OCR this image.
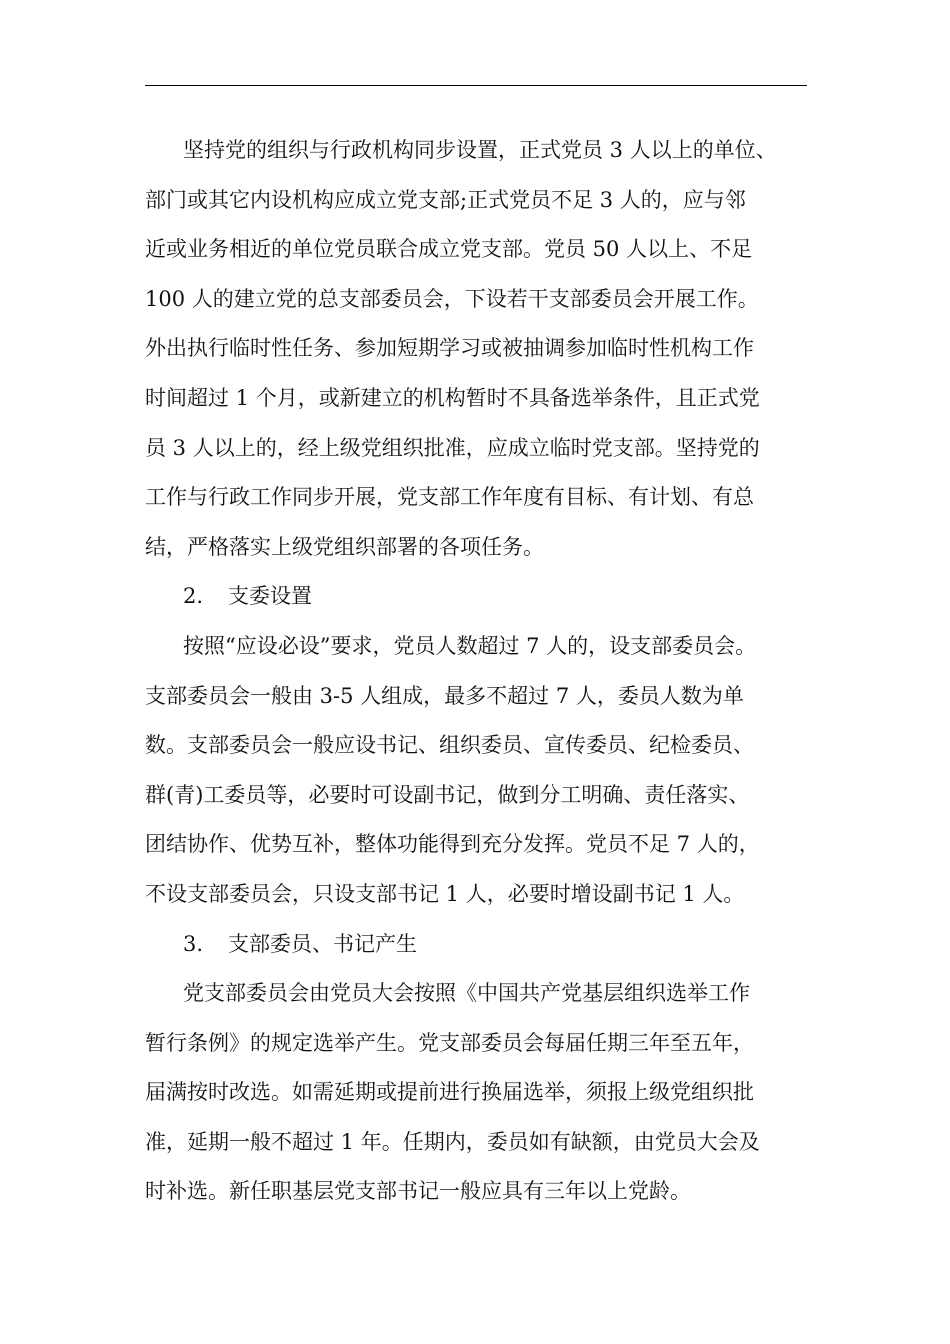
坚持党的组织与行政机构同步设置，正式党员 3 人以上的单位、
部门或其它内设机构应成立党支部;正式党员不足 3 人的，应与邻
近或业务相近的单位党员联合成立党支部。党员 50 人以上、不足
100 人的建立党的总支部委员会，下设若干支部委员会开展工作。
外出执行临时性任务、参加短期学习或被抽调参加临时性机构工作
时间超过 1 个月，或新建立的机构暂时不具备选举条件，且正式党
员 3 人以上的，经上级党组织批准，应成立临时党支部。坚持党的
工作与行政工作同步开展，党支部工作年度有目标、有计划、有总
结，严格落实上级党组织部署的各项任务。
2. 支委设置
按照“应设必设”要求，党员人数超过 7 人的，设支部委员会。
支部委员会一般由 3-5 人组成，最多不超过 7 人，委员人数为单
数。支部委员会一般应设书记、组织委员、宣传委员、纪检委员、
群(青)工委员等，必要时可设副书记，做到分工明确、责任落实、
团结协作、优势互补，整体功能得到充分发挥。党员不足 7 人的，
不设支部委员会，只设支部书记 1 人，必要时增设副书记 1 人。
3. 支部委员、书记产生
党支部委员会由党员大会按照《中国共产党基层组织选举工作
暂行条例》的规定选举产生。党支部委员会每届任期三年至五年，
届满按时改选。如需延期或提前进行换届选举，须报上级党组织批
准，延期一般不超过 1 年。任期内，委员如有缺额，由党员大会及
时补选。新任职基层党支部书记一般应具有三年以上党龄。
